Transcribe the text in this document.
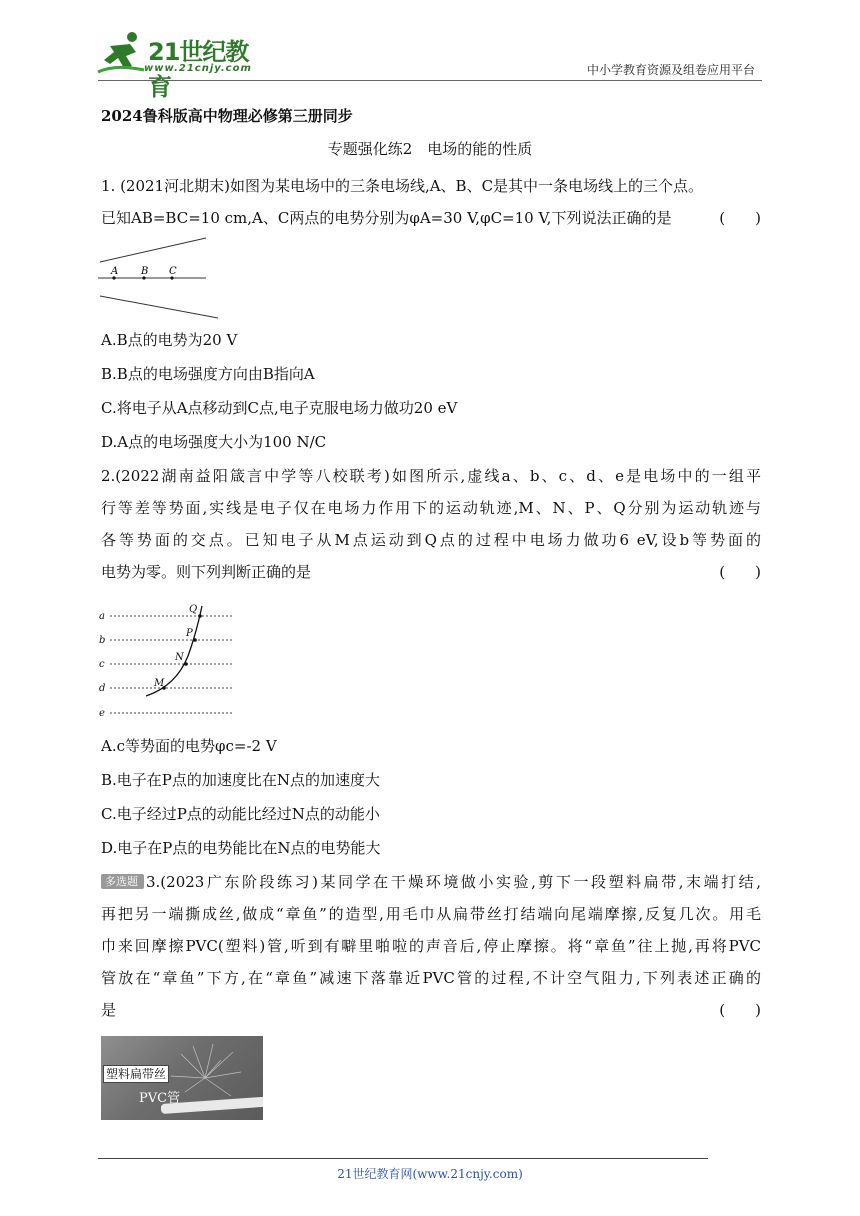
21世纪教育
www.21cnjy.com	中小学教育资源及组卷应用平台
2024鲁科版高中物理必修第三册同步
专题强化练2　电场的能的性质
1. (2021河北期末)如图为某电场中的三条电场线,A、B、C是其中一条电场线上的三个点。
已知AB=BC=10 cm,A、C两点的电势分别为φA=30 V,φC=10 V,下列说法正确的是	(　　)
A B C
A.B点的电势为20 V
B.B点的电场强度方向由B指向A
C.将电子从A点移动到C点,电子克服电场力做功20 eV
D.A点的电场强度大小为100 N/C
2.(2022湖南益阳箴言中学等八校联考)如图所示,虚线a、b、c、d、e是电场中的一组平
行等差等势面,实线是电子仅在电场力作用下的运动轨迹,M、N、P、Q分别为运动轨迹与
各等势面的交点。已知电子从M点运动到Q点的过程中电场力做功6 eV,设b等势面的
电势为零。则下列判断正确的是	(　　)
a
b
c
d
e
Q
P
N
M
A.c等势面的电势φc=-2 V
B.电子在P点的加速度比在N点的加速度大
C.电子经过P点的动能比经过N点的动能小
D.电子在P点的电势能比在N点的电势能大
多选题 3.(2023广东阶段练习)某同学在干燥环境做小实验,剪下一段塑料扁带,末端打结,
再把另一端撕成丝,做成“章鱼”的造型,用毛巾从扁带丝打结端向尾端摩擦,反复几次。用毛
巾来回摩擦PVC(塑料)管,听到有噼里啪啦的声音后,停止摩擦。将“章鱼”往上抛,再将PVC
管放在“章鱼”下方,在“章鱼”减速下落靠近PVC管的过程,不计空气阻力,下列表述正确的
是	(　　)
塑料扁带丝
PVC管
21世纪教育网(www.21cnjy.com)
